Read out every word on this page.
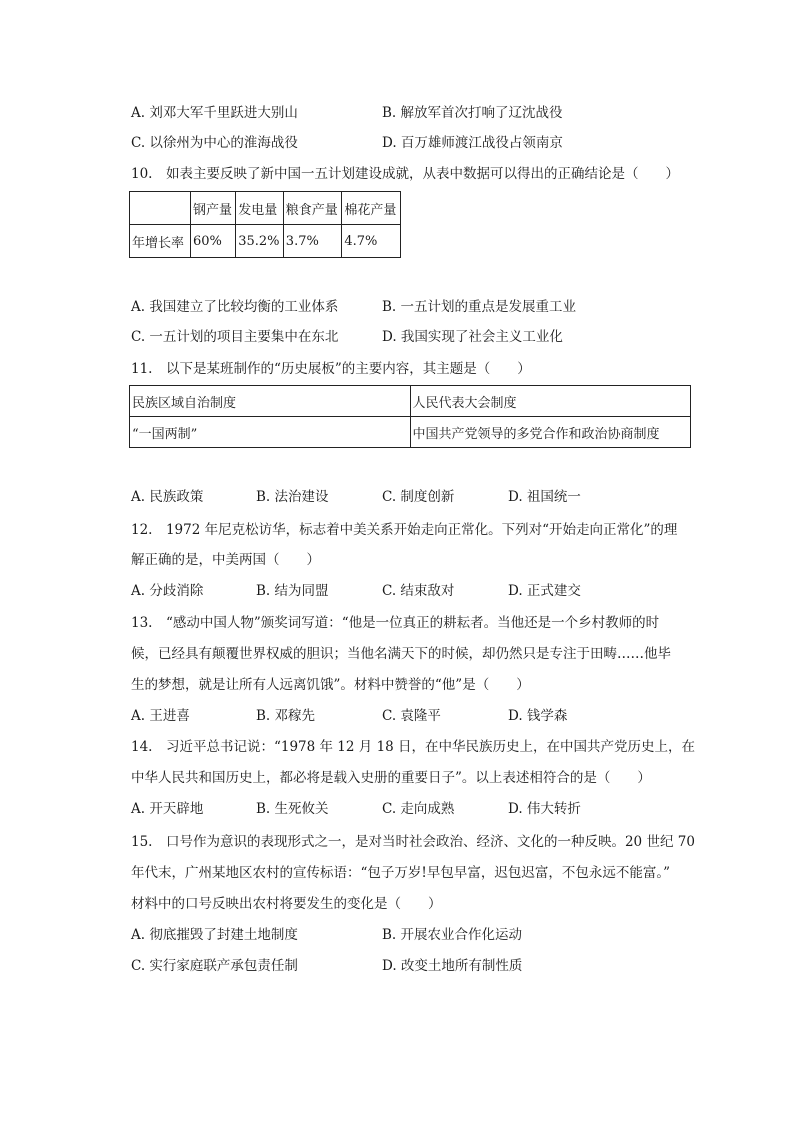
A. 刘邓大军千里跃进大别山	B. 解放军首次打响了辽沈战役
C. 以徐州为中心的淮海战役	D. 百万雄师渡江战役占领南京
10.　如表主要反映了新中国一五计划建设成就，从表中数据可以得出的正确结论是（　　）
	钢产量	发电量	粮食产量	棉花产量
年增长率	60%	35.2%	3.7%	4.7%
A. 我国建立了比较均衡的工业体系	B. 一五计划的重点是发展重工业
C. 一五计划的项目主要集中在东北	D. 我国实现了社会主义工业化
11.　以下是某班制作的“历史展板”的主要内容，其主题是（　　）
民族区域自治制度	人民代表大会制度
“一国两制”	中国共产党领导的多党合作和政治协商制度
A. 民族政策	B. 法治建设	C. 制度创新	D. 祖国统一
12.　1972 年尼克松访华，标志着中美关系开始走向正常化。下列对“开始走向正常化”的理
解正确的是，中美两国（　　）
A. 分歧消除	B. 结为同盟	C. 结束敌对	D. 正式建交
13.　“感动中国人物”颁奖词写道：“他是一位真正的耕耘者。当他还是一个乡村教师的时
候，已经具有颠覆世界权威的胆识；当他名满天下的时候，却仍然只是专注于田畴……他毕
生的梦想，就是让所有人远离饥饿”。材料中赞誉的“他”是（　　）
A. 王进喜	B. 邓稼先	C. 袁隆平	D. 钱学森
14.　习近平总书记说：“1978 年 12 月 18 日，在中华民族历史上，在中国共产党历史上，在
中华人民共和国历史上，都必将是载入史册的重要日子”。以上表述相符合的是（　　）
A. 开天辟地	B. 生死攸关	C. 走向成熟	D. 伟大转折
15.　口号作为意识的表现形式之一，是对当时社会政治、经济、文化的一种反映。20 世纪 70
年代末，广州某地区农村的宣传标语：“包子万岁!早包早富，迟包迟富，不包永远不能富。”
材料中的口号反映出农村将要发生的变化是（　　）
A. 彻底摧毁了封建土地制度	B. 开展农业合作化运动
C. 实行家庭联产承包责任制	D. 改变土地所有制性质
